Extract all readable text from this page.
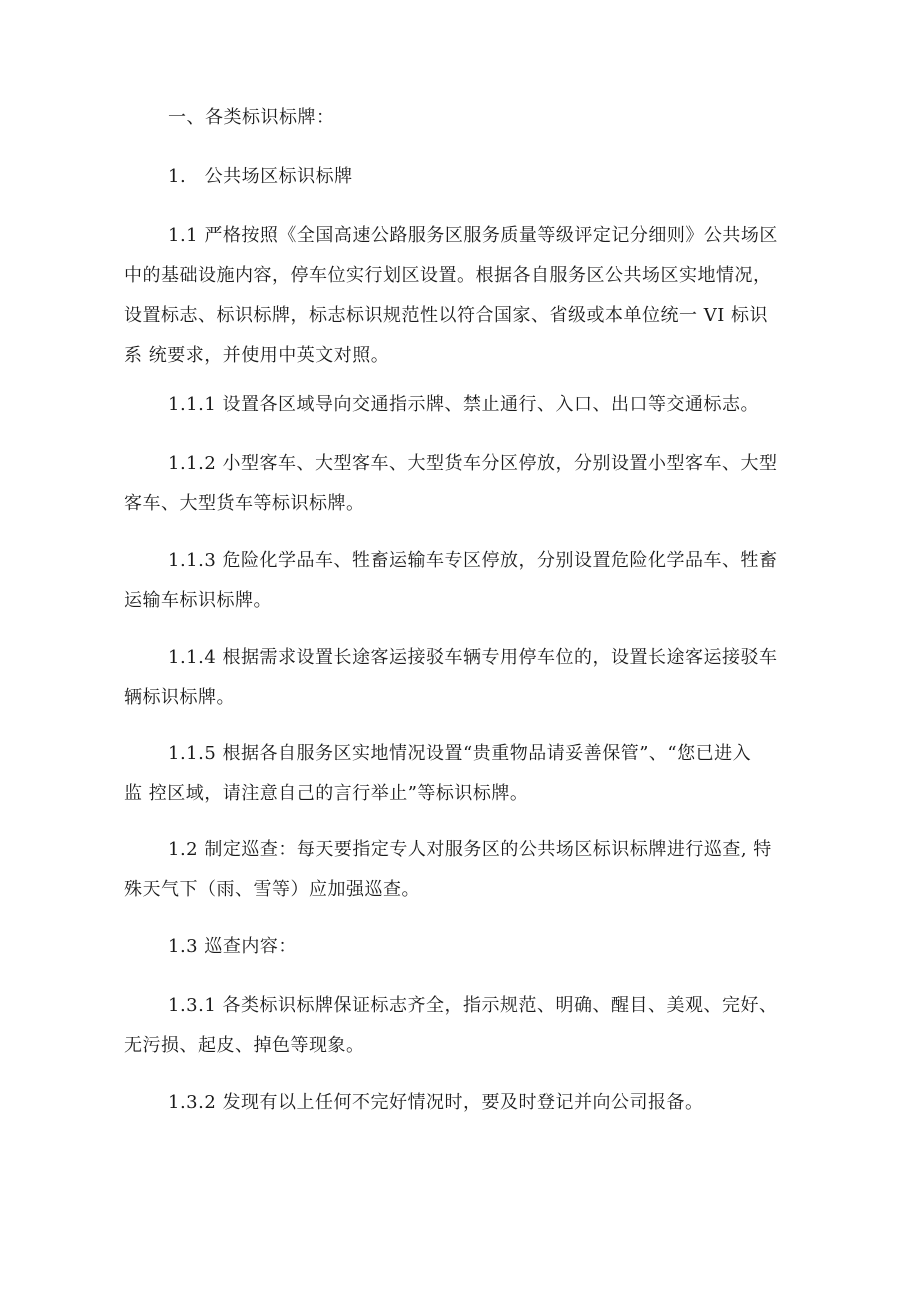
一、各类标识标牌：

1.　公共场区标识标牌

1.1 严格按照《全国高速公路服务区服务质量等级评定记分细则》公共场区
中的基础设施内容，停车位实行划区设置。根据各自服务区公共场区实地情况，
设置标志、标识标牌，标志标识规范性以符合国家、省级或本单位统一 VI 标识
系 统要求，并使用中英文对照。

1.1.1 设置各区域导向交通指示牌、禁止通行、入口、出口等交通标志。

1.1.2 小型客车、大型客车、大型货车分区停放，分别设置小型客车、大型
客车、大型货车等标识标牌。

1.1.3 危险化学品车、牲畜运输车专区停放，分别设置危险化学品车、牲畜
运输车标识标牌。

1.1.4 根据需求设置长途客运接驳车辆专用停车位的，设置长途客运接驳车
辆标识标牌。

1.1.5 根据各自服务区实地情况设置“贵重物品请妥善保管”、“您已进入
监 控区域，请注意自己的言行举止”等标识标牌。

1.2 制定巡查：每天要指定专人对服务区的公共场区标识标牌进行巡查, 特
殊天气下（雨、雪等）应加强巡查。

1.3 巡查内容：

1.3.1 各类标识标牌保证标志齐全，指示规范、明确、醒目、美观、完好、
无污损、起皮、掉色等现象。

1.3.2 发现有以上任何不完好情况时，要及时登记并向公司报备。
